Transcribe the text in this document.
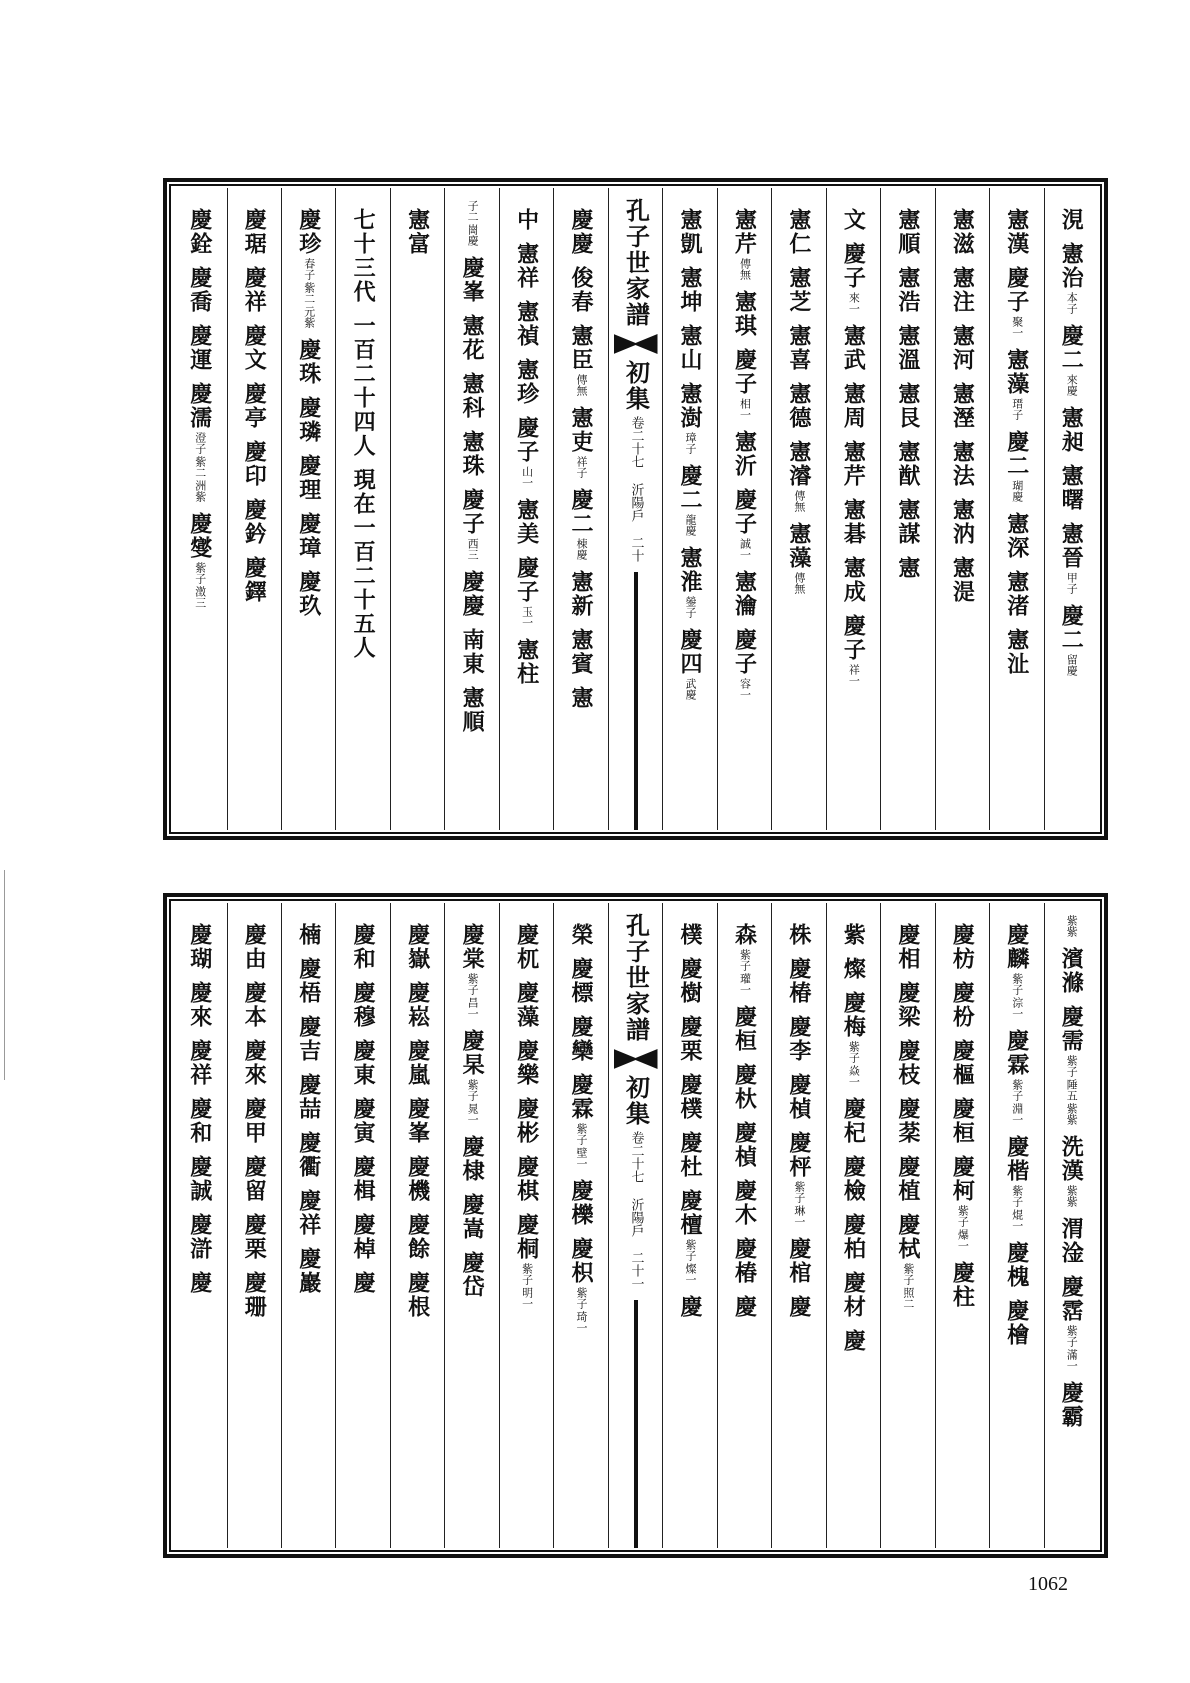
涀
憲治
本子
慶二
來慶
憲昶
憲曙
憲晉
甲子
慶二
留慶
憲漢
慶子
聚一
憲藻
瑨子
慶二
瑚慶
憲深
憲渚
憲沚
憲滋
憲注
憲河
憲溼
憲法
憲汭
憲湜
憲順
憲浩
憲溫
憲艮
憲猷
憲謀
憲
文
慶子
來一
憲武
憲周
憲芹
憲碁
憲成
慶子
祥一
憲仁
憲芝
憲喜
憲德
憲濬
傳無
憲藻
傳無
憲芹
傳無
憲琪
慶子
相一
憲沂
慶子
誠一
憲瀹
慶子
容一
憲凱
憲坤
憲山
憲澍
璋子
慶二
龍慶
憲淮
鎣子
慶四
武慶
孔子世家譜
初集
卷二十七 沂陽戶
二十
慶慶
俊春
憲臣
傳無
憲吏
祥子
慶二
棟慶
憲新
憲賓
憲
中
憲祥
憲禎
憲珍
慶子
山一
憲美
慶子
玉一
憲柱
子二
崗慶
慶峯
憲花
憲科
憲珠
慶子
西三
慶慶
南東
憲順
憲富
七十三代
一百二十四人
現在一百二十五人
慶珍
春子
紫二
元紫
慶珠
慶璘
慶理
慶璋
慶玖
慶琚
慶祥
慶文
慶亭
慶印
慶鈐
慶鐸
慶銓
慶喬
慶運
慶濡
澄子
紫二
洲紫
慶燮
紫子
澂三
紫紫
濱滌
慶需
紫子
陲五
紫紫
洗漢
紫紫
渭淦
慶霑
紫子
滿一
慶霸
慶麟
紫子
淙一
慶霖
紫子
淵一
慶楷
紫子
焜一
慶槐
慶檜
慶枋
慶枌
慶樞
慶桓
慶柯
紫子
爆一
慶柱
慶相
慶梁
慶枝
慶棻
慶植
慶栻
紫子
照二
紫
燦
慶梅
紫子
焱一
慶杞
慶檢
慶柏
慶材
慶
株
慶椿
慶李
慶楨
慶枰
紫子
琳一
慶棺
慶
森
紫子
瓘一
慶桓
慶杕
慶楨
慶木
慶椿
慶
樸
慶樹
慶栗
慶樸
慶杜
慶檀
紫子
燦一
慶
孔子世家譜
初集
卷二十七 沂陽戶
二十一
榮
慶標
慶欒
慶霖
紫子
壁一
慶櫟
慶枳
紫子
琦一
慶杌
慶藻
慶樂
慶彬
慶棋
慶桐
紫子
明一
慶棠
紫子
昌一
慶杲
紫子
晁一
慶棣
慶嵩
慶岱
慶嶽
慶崧
慶嵐
慶峯
慶機
慶餘
慶根
慶和
慶穆
慶東
慶寅
慶楫
慶棹
慶
楠
慶梧
慶吉
慶喆
慶衢
慶祥
慶巖
慶由
慶本
慶來
慶甲
慶留
慶栗
慶珊
慶瑚
慶來
慶祥
慶和
慶誠
慶滸
慶
1062
